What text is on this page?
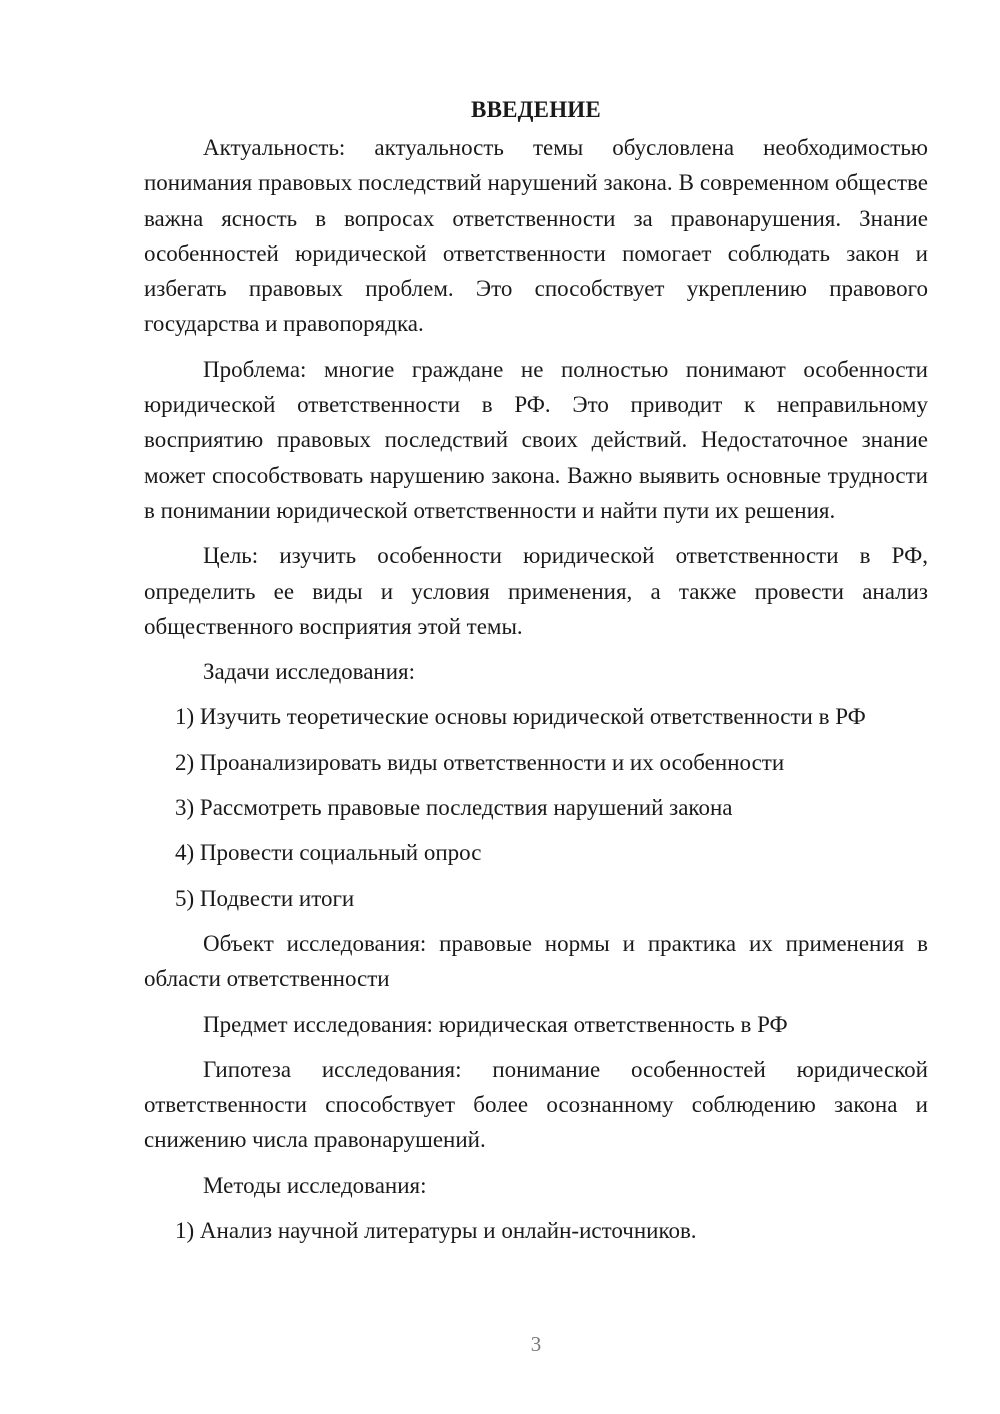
ВВЕДЕНИЕ

Актуальность: актуальность темы обусловлена необходимостью понимания правовых последствий нарушений закона. В современном обществе важна ясность в вопросах ответственности за правонарушения. Знание особенностей юридической ответственности помогает соблюдать закон и избегать правовых проблем. Это способствует укреплению правового государства и правопорядка.

Проблема: многие граждане не полностью понимают особенности юридической ответственности в РФ. Это приводит к неправильному восприятию правовых последствий своих действий. Недостаточное знание может способствовать нарушению закона. Важно выявить основные трудности в понимании юридической ответственности и найти пути их решения.

Цель: изучить особенности юридической ответственности в РФ, определить ее виды и условия применения, а также провести анализ общественного восприятия этой темы.

Задачи исследования:
1) Изучить теоретические основы юридической ответственности в РФ
2) Проанализировать виды ответственности и их особенности
3) Рассмотреть правовые последствия нарушений закона
4) Провести социальный опрос
5) Подвести итоги

Объект исследования: правовые нормы и практика их применения в области ответственности

Предмет исследования: юридическая ответственность в РФ

Гипотеза исследования: понимание особенностей юридической ответственности способствует более осознанному соблюдению закона и снижению числа правонарушений.

Методы исследования:
1) Анализ научной литературы и онлайн-источников.
3
